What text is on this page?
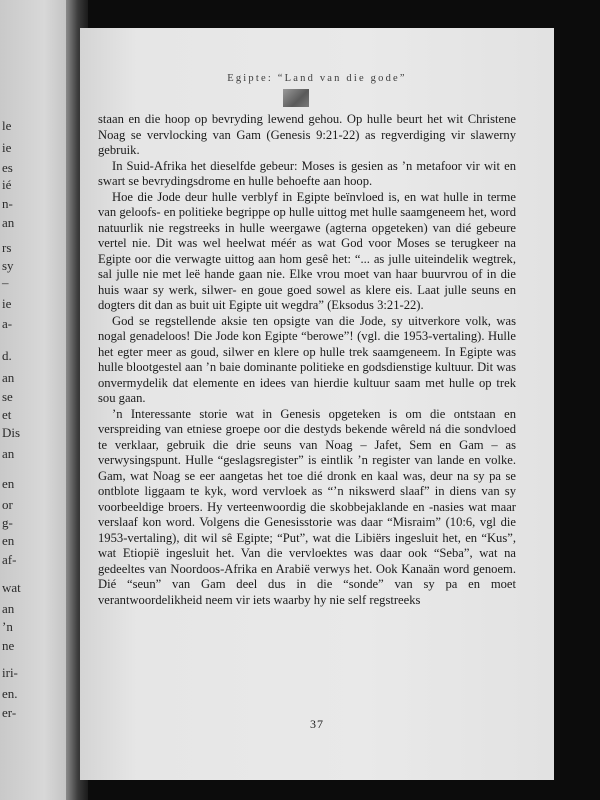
le
ie
es
ié
n-
an
rs
sy
–
ie
a-
d.
an
se
et
Dis
an
en
or
g-
en
af-
wat
an
’n
ne
iri-
en.
er-
Egipte: “Land van die gode”

staan en die hoop op bevryding lewend gehou. Op hulle beurt het wit Christene Noag se vervlocking van Gam (Genesis 9:21-22) as regverdiging vir slawerny gebruik.

In Suid-Afrika het dieselfde gebeur: Moses is gesien as ’n metafoor vir wit en swart se bevrydingsdrome en hulle behoefte aan hoop.

Hoe die Jode deur hulle verblyf in Egipte beïnvloed is, en wat hulle in terme van geloofs- en politieke begrippe op hulle uittog met hulle saamgeneem het, word natuurlik nie regstreeks in hulle weergawe (agterna opgeteken) van dié gebeure vertel nie. Dit was wel heelwat méér as wat God voor Moses se terugkeer na Egipte oor die verwagte uittog aan hom gesê het: “... as julle uiteindelik wegtrek, sal julle nie met leë hande gaan nie. Elke vrou moet van haar buurvrou of in die huis waar sy werk, silwer- en goue goed sowel as klere eis. Laat julle seuns en dogters dit dan as buit uit Egipte uit wegdra” (Eksodus 3:21-22).

God se regstellende aksie ten opsigte van die Jode, sy uitverkore volk, was nogal genadeloos! Die Jode kon Egipte “berowe”! (vgl. die 1953-vertaling). Hulle het egter meer as goud, silwer en klere op hulle trek saamgeneem. In Egipte was hulle blootgestel aan ’n baie dominante politieke en godsdienstige kultuur. Dit was onvermydelik dat elemente en idees van hierdie kultuur saam met hulle op trek sou gaan.

’n Interessante storie wat in Genesis opgeteken is om die ontstaan en verspreiding van etniese groepe oor die destyds bekende wêreld ná die sondvloed te verklaar, gebruik die drie seuns van Noag – Jafet, Sem en Gam – as verwysingspunt. Hulle “geslagsregister” is eintlik ’n register van lande en volke. Gam, wat Noag se eer aangetas het toe dié dronk en kaal was, deur na sy pa se ontblote liggaam te kyk, word vervloek as “’n nikswerd slaaf” in diens van sy voorbeeldige broers. Hy verteenwoordig die skobbejaklande en -nasies wat maar verslaaf kon word. Volgens die Genesisstorie was daar “Misraim” (10:6, vgl die 1953-vertaling), dit wil sê Egipte; “Put”, wat die Libiërs ingesluit het, en “Kus”, wat Etiopië ingesluit het. Van die vervloektes was daar ook “Seba”, wat na gedeeltes van Noordoos-Afrika en Arabië verwys het. Ook Kanaän word genoem. Dié “seun” van Gam deel dus in die “sonde” van sy pa en moet verantwoordelikheid neem vir iets waarby hy nie self regstreeks

37
